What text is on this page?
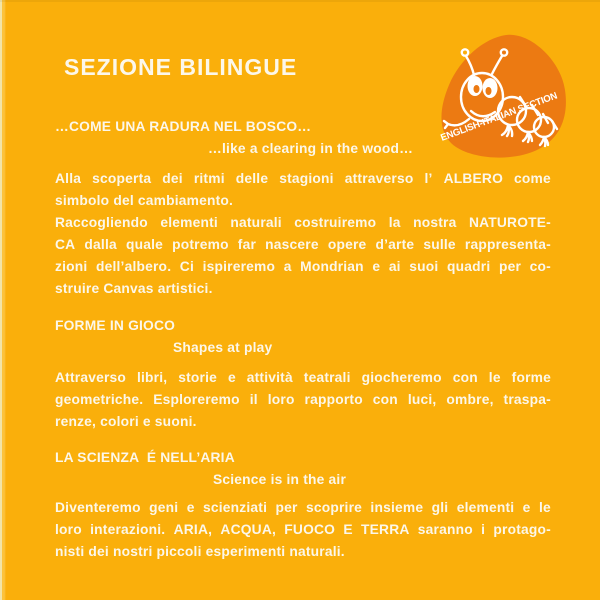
SEZIONE BILINGUE
ENGLISH-ITALIAN SECTION
…COME UNA RADURA NEL BOSCO…
…like a clearing in the wood…
Alla scoperta dei ritmi delle stagioni attraverso l’ ALBERO come
simbolo del cambiamento.
Raccogliendo elementi naturali costruiremo la nostra NATUROTE-
CA dalla quale potremo far nascere opere d’arte sulle rappresenta-
zioni dell’albero. Ci ispireremo a Mondrian e ai suoi quadri per co-
struire Canvas artistici.
FORME IN GIOCO
Shapes at play
Attraverso libri, storie e attività teatrali giocheremo con le forme
geometriche. Esploreremo il loro rapporto con luci, ombre, traspa-
renze, colori e suoni.
LA SCIENZA  É NELL’ARIA
Science is in the air
Diventeremo geni e scienziati per scoprire insieme gli elementi e le
loro interazioni. ARIA, ACQUA, FUOCO E TERRA saranno i protago-
nisti dei nostri piccoli esperimenti naturali.
